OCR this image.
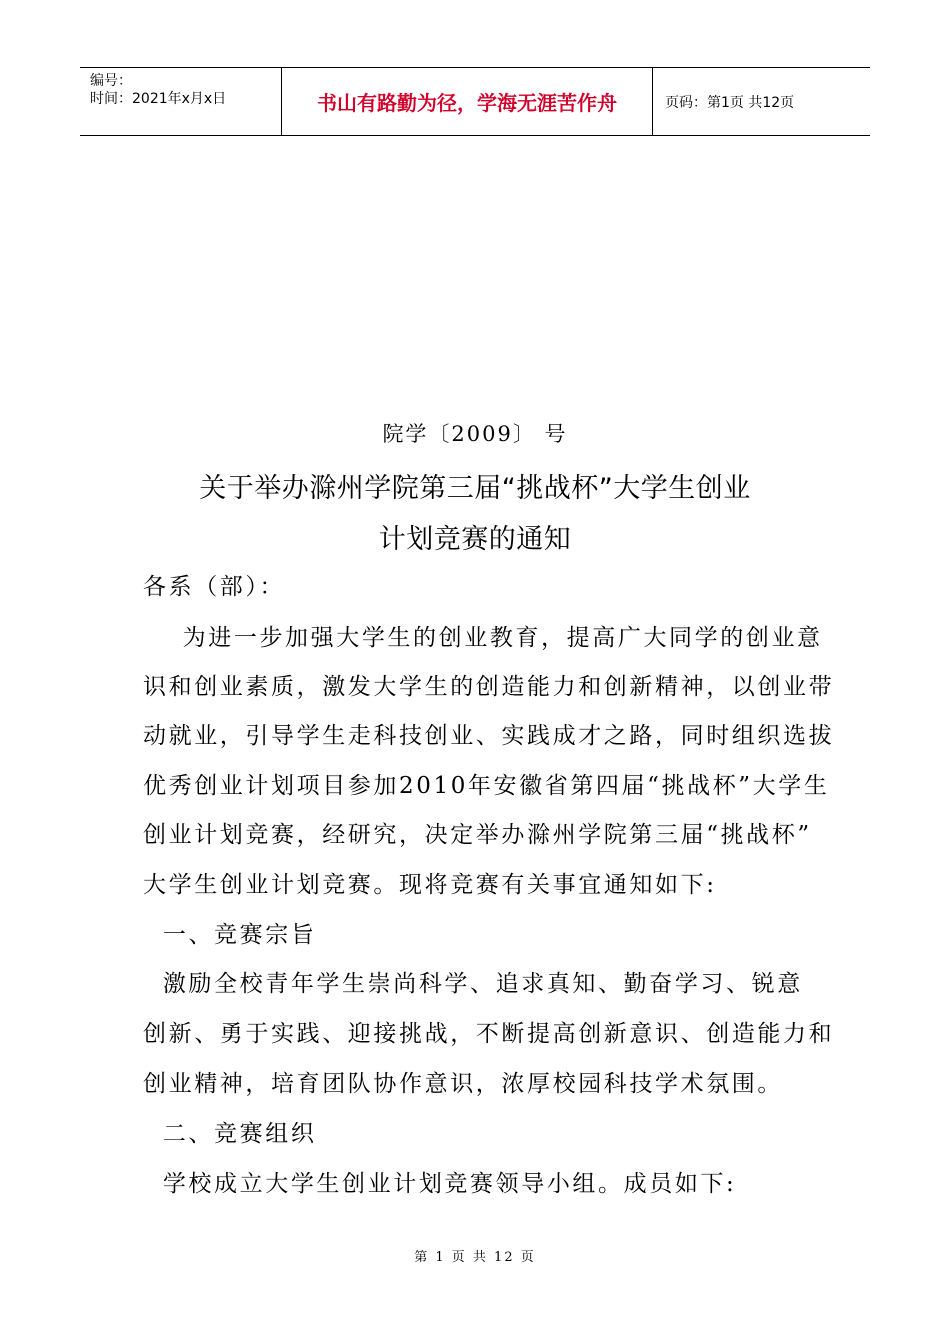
编号：
时间：2021年x月x日	书山有路勤为径，学海无涯苦作舟	页码：第1页 共12页
院学〔2009〕 号
关于举办滁州学院第三届“挑战杯”大学生创业
计划竞赛的通知
各系（部）：
为进一步加强大学生的创业教育，提高广大同学的创业意
识和创业素质，激发大学生的创造能力和创新精神，以创业带
动就业，引导学生走科技创业、实践成才之路，同时组织选拔
优秀创业计划项目参加2010年安徽省第四届“挑战杯”大学生
创业计划竞赛，经研究，决定举办滁州学院第三届“挑战杯”
大学生创业计划竞赛。现将竞赛有关事宜通知如下:
一、竞赛宗旨
激励全校青年学生崇尚科学、追求真知、勤奋学习、锐意
创新、勇于实践、迎接挑战，不断提高创新意识、创造能力和
创业精神，培育团队协作意识，浓厚校园科技学术氛围。
二、竞赛组织
学校成立大学生创业计划竞赛领导小组。成员如下:
第 1 页 共 12 页
